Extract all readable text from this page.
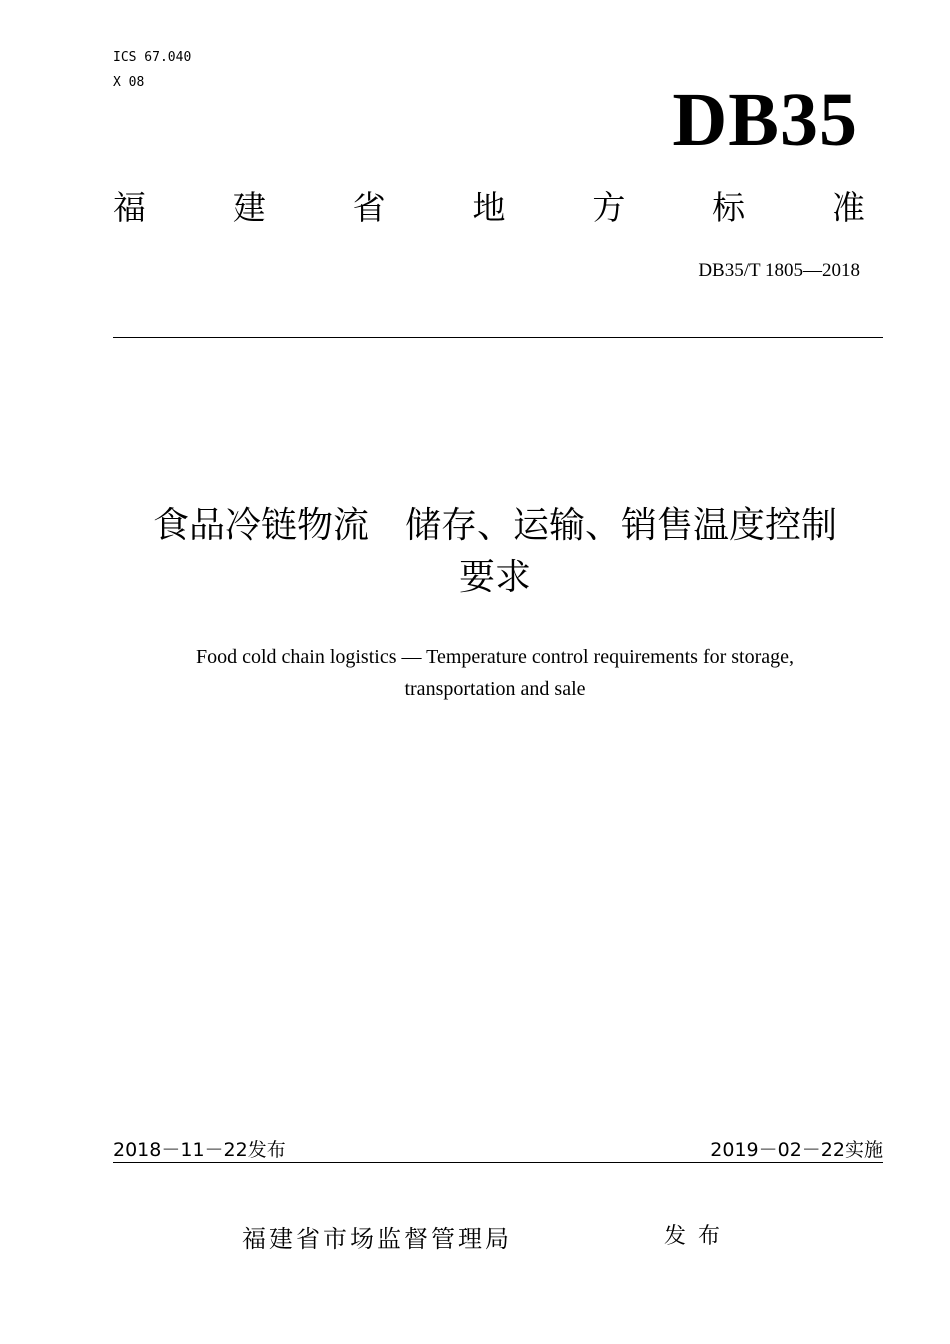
ICS 67.040
X 08	DB35
福	建	省	地	方	标	准
DB35/T 1805—2018
食品冷链物流　储存、运输、销售温度控制
要求
Food cold chain logistics — Temperature control requirements for storage,
transportation and sale
2018－11－22发布	2019－02－22实施
福建省市场监督管理局	发布
